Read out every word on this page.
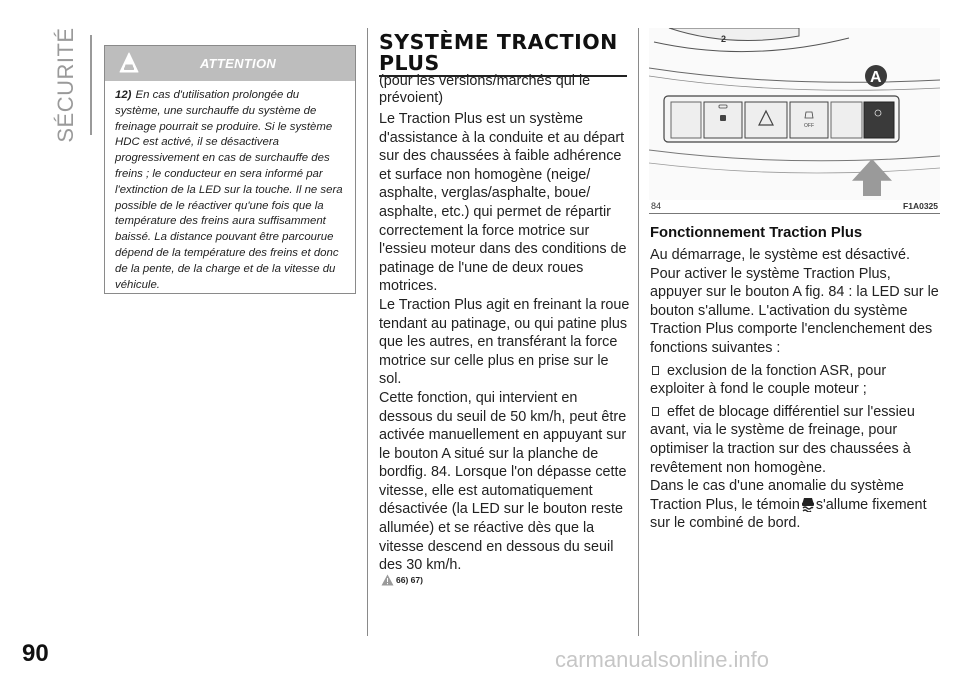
SÉCURITÉ	ATTENTION
12) En cas d'utilisation prolongée du système, une surchauffe du système de freinage pourrait se produire. Si le système HDC est activé, il se désactivera progressivement en cas de surchauffe des freins ; le conducteur en sera informé par l'extinction de la LED sur la touche. Il ne sera possible de le réactiver qu'une fois que la température des freins aura suffisamment baissé. La distance pouvant être parcourue dépend de la température des freins et donc de la pente, de la charge et de la vitesse du véhicule.
SYSTÈME TRACTION
PLUS

(pour les versions/marchés qui le prévoient)

Le Traction Plus est un système d'assistance à la conduite et au départ sur des chaussées à faible adhérence et surface non homogène (neige/ asphalte, verglas/asphalte, boue/ asphalte, etc.) qui permet de répartir correctement la force motrice sur l'essieu moteur dans des conditions de patinage de l'une de deux roues motrices.

Le Traction Plus agit en freinant la roue tendant au patinage, ou qui patine plus que les autres, en transférant la force motrice sur celle plus en prise sur le sol.

Cette fonction, qui intervient en dessous du seuil de 50 km/h, peut être activée manuellement en appuyant sur le bouton A situé sur la planche de bordfig. 84. Lorsque l'on dépasse cette vitesse, elle est automatiquement désactivée (la LED sur le bouton reste allumée) et se réactive dès que la vitesse descend en dessous du seuil des 30 km/h.

66) 67)
2
OFF
A
84	F1A0325
Fonctionnement Traction Plus

Au démarrage, le système est désactivé. Pour activer le système Traction Plus, appuyer sur le bouton A fig. 84 : la LED sur le bouton s'allume. L'activation du système Traction Plus comporte l'enclenchement des fonctions suivantes :

exclusion de la fonction ASR, pour exploiter à fond le couple moteur ;

effet de blocage différentiel sur l'essieu avant, via le système de freinage, pour optimiser la traction sur des chaussées à revêtement non homogène.

Dans le cas d'une anomalie du système Traction Plus, le témoin s'allume fixement sur le combiné de bord.

90	carmanualsonline.info
